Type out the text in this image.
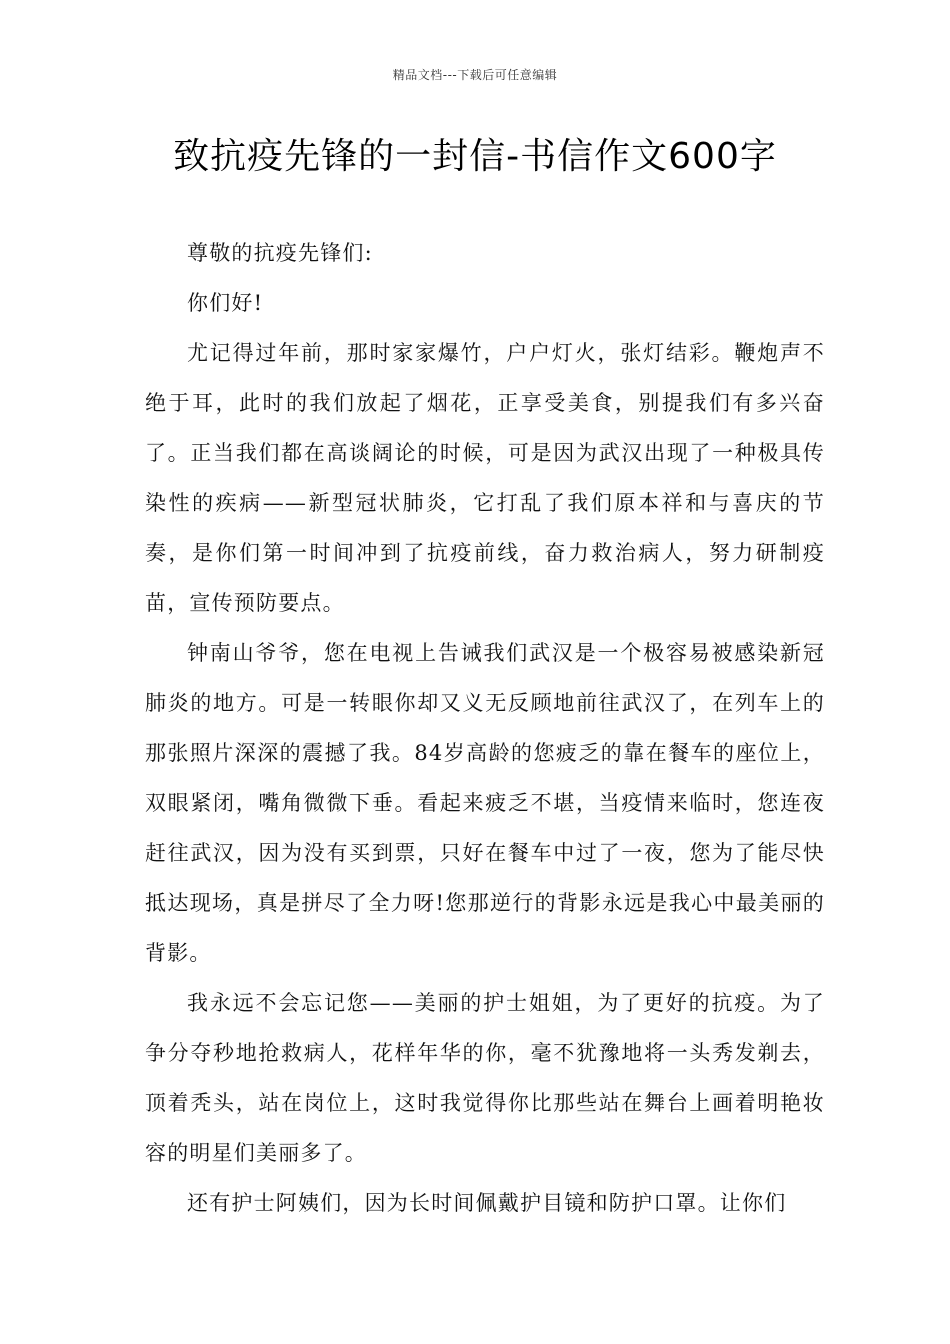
精品文档---下载后可任意编辑
致抗疫先锋的一封信-书信作文600字

尊敬的抗疫先锋们:

你们好!

尤记得过年前，那时家家爆竹，户户灯火，张灯结彩。鞭炮声不绝于耳，此时的我们放起了烟花，正享受美食，别提我们有多兴奋了。正当我们都在高谈阔论的时候，可是因为武汉出现了一种极具传染性的疾病——新型冠状肺炎，它打乱了我们原本祥和与喜庆的节奏，是你们第一时间冲到了抗疫前线，奋力救治病人，努力研制疫苗，宣传预防要点。

钟南山爷爷，您在电视上告诫我们武汉是一个极容易被感染新冠肺炎的地方。可是一转眼你却又义无反顾地前往武汉了，在列车上的那张照片深深的震撼了我。84岁高龄的您疲乏的靠在餐车的座位上，双眼紧闭，嘴角微微下垂。看起来疲乏不堪，当疫情来临时，您连夜赶往武汉，因为没有买到票，只好在餐车中过了一夜，您为了能尽快抵达现场，真是拼尽了全力呀!您那逆行的背影永远是我心中最美丽的背影。

我永远不会忘记您——美丽的护士姐姐，为了更好的抗疫。为了争分夺秒地抢救病人，花样年华的你，毫不犹豫地将一头秀发剃去，顶着秃头，站在岗位上，这时我觉得你比那些站在舞台上画着明艳妆容的明星们美丽多了。

还有护士阿姨们，因为长时间佩戴护目镜和防护口罩。让你们
